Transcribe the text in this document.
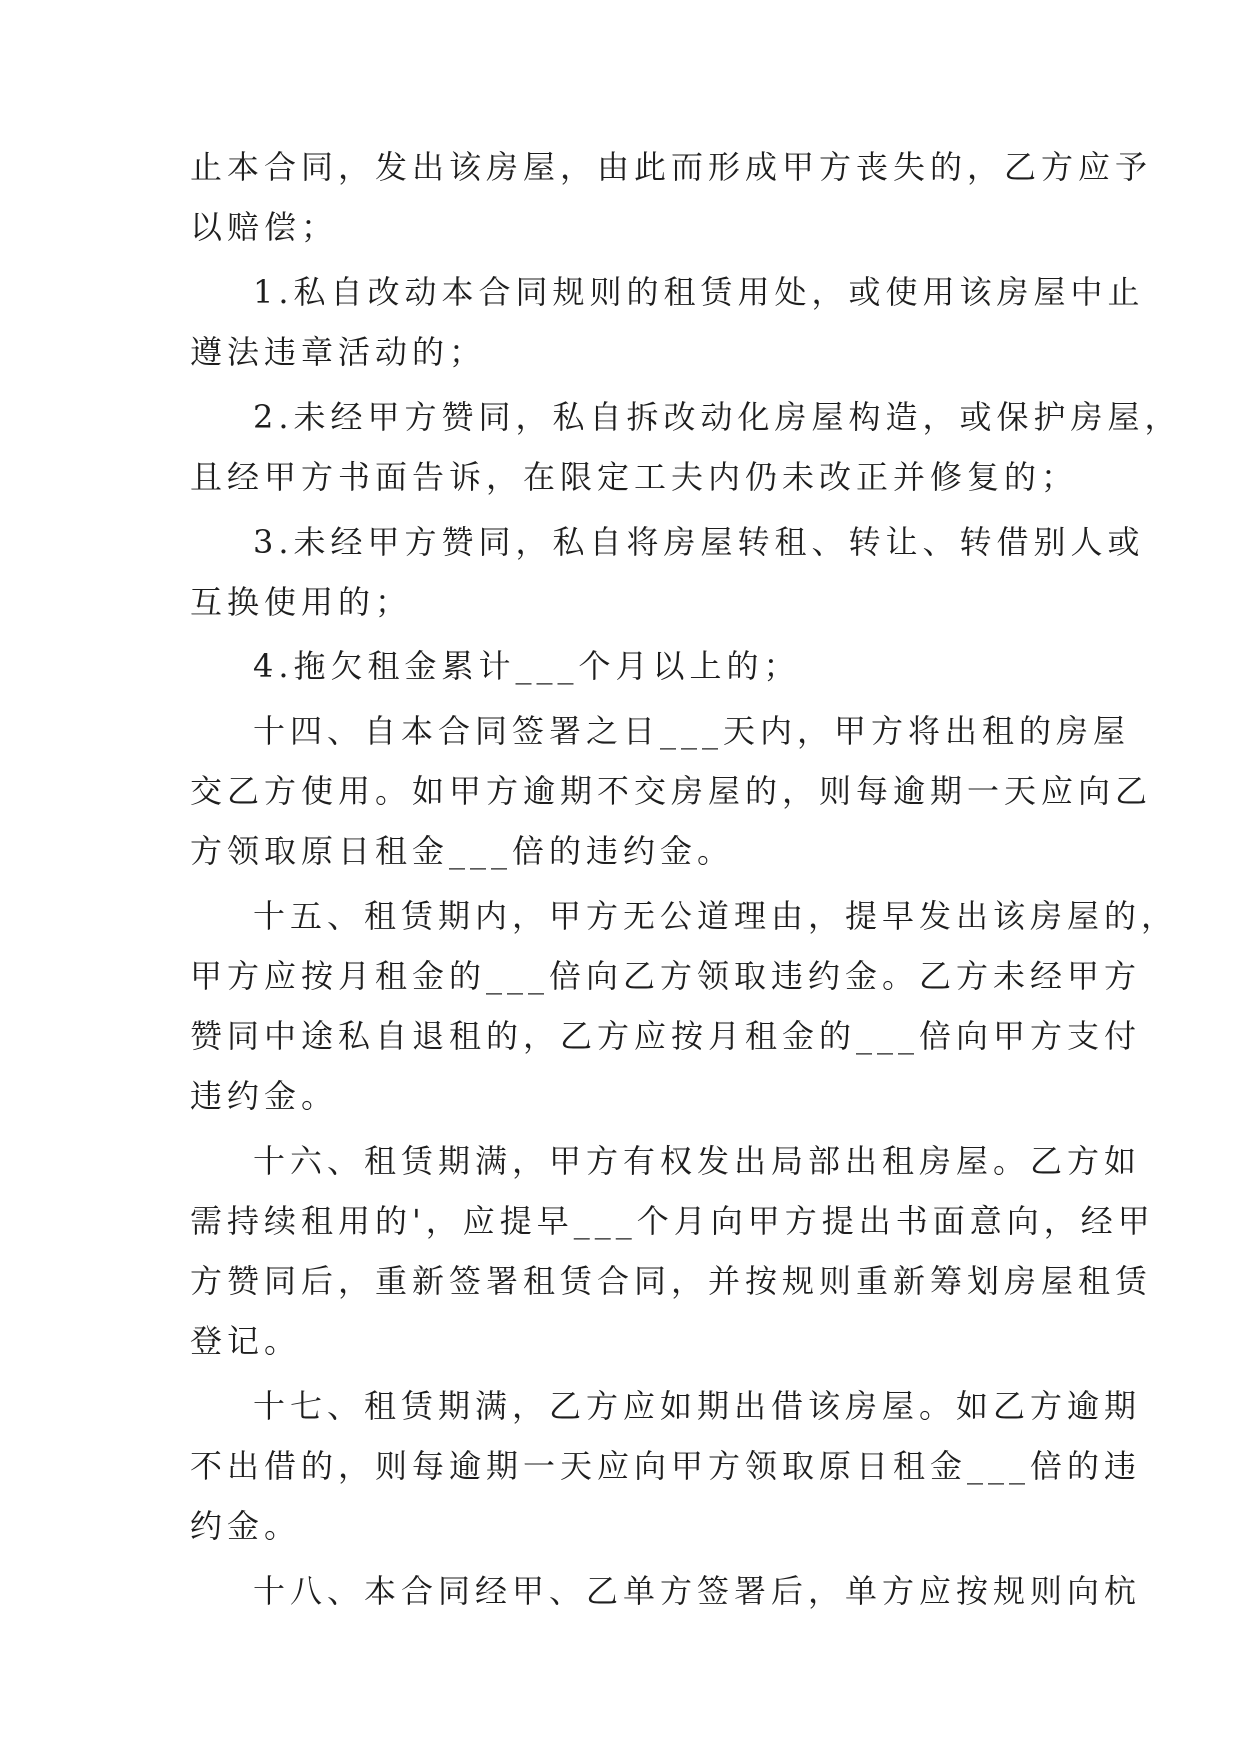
止本合同，发出该房屋，由此而形成甲方丧失的，乙方应予

以赔偿；

1.私自改动本合同规则的租赁用处，或使用该房屋中止

遵法违章活动的；

2.未经甲方赞同，私自拆改动化房屋构造，或保护房屋，

且经甲方书面告诉，在限定工夫内仍未改正并修复的；

3.未经甲方赞同，私自将房屋转租、转让、转借别人或

互换使用的；

4.拖欠租金累计___个月以上的；

十四、自本合同签署之日___天内，甲方将出租的房屋

交乙方使用。如甲方逾期不交房屋的，则每逾期一天应向乙

方领取原日租金___倍的违约金。

十五、租赁期内，甲方无公道理由，提早发出该房屋的，

甲方应按月租金的___倍向乙方领取违约金。乙方未经甲方

赞同中途私自退租的，乙方应按月租金的___倍向甲方支付

违约金。

十六、租赁期满，甲方有权发出局部出租房屋。乙方如

需持续租用的'，应提早___个月向甲方提出书面意向，经甲

方赞同后，重新签署租赁合同，并按规则重新筹划房屋租赁

登记。

十七、租赁期满，乙方应如期出借该房屋。如乙方逾期

不出借的，则每逾期一天应向甲方领取原日租金___倍的违

约金。

十八、本合同经甲、乙单方签署后，单方应按规则向杭
